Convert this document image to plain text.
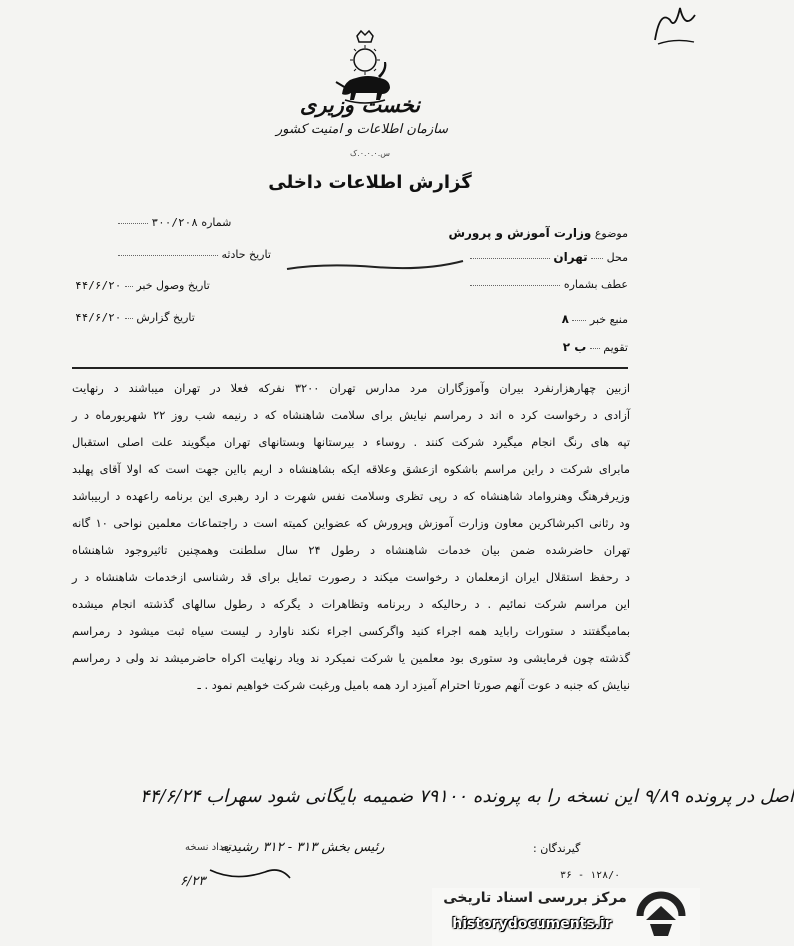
نخست وزیری
سازمان اطلاعات و امنیت کشور
س.۰.۰.۰.ک
گزارش اطلاعات داخلی
موضوع وزارت آموزش و پرورش
محل  تهران
عطف بشماره
منبع خبر  ۸
تقویم  ب ۲
شماره ۳۰۰/۲۰۸
تاریخ حادثه
تاریخ وصول خبر  ۴۴/۶/۲۰
تاریخ گزارش  ۴۴/۶/۲۰
ازبین چهارهزارنفرد بیران وآموزگاران مرد مدارس تهران ۳۲۰۰ نفرکه فعلا در تهران میباشند د رنهایت
آزادی د رخواست کرد ه اند د رمراسم نیایش برای سلامت شاهنشاه که د رنیمه شب روز ۲۲ شهریورماه د ر
تپه های رنگ انجام میگیرد شرکت کنند . روساء د بیرستانها وبستانهای تهران میگویند علت اصلی استقبال
مابرای شرکت د راین مراسم باشکوه ازعشق وعلاقه ایکه بشاهنشاه د اریم بااین جهت است که اولا آقای پهلبد
وزیرفرهنگ وهنرواماد شاهنشاه که د رپی تظری وسلامت نفس شهرت د ارد رهبری این برنامه راعهده د اربیباشد
ود رثانی اکبرشاکرین معاون وزارت آموزش وپرورش که عضواین کمیته است د راجتماعات معلمین نواحی ۱۰ گانه
تهران حاضرشده ضمن بیان خدمات شاهنشاه د رطول ۲۴ سال سلطنت وهمچنین تاثیروجود شاهنشاه
د رحفظ استقلال ایران ازمعلمان د رخواست میکند د رصورت تمایل برای قد رشناسی ازخدمات شاهنشاه د ر
این مراسم شرکت نمائیم . د رحالیکه د ربرنامه وتظاهرات د یگرکه د رطول سالهای گذشته انجام میشده
بماميگفتند د ستورات راباید همه اجراء کنید واگرکسی اجراء نکند ناوارد ر لیست سیاه ثبت میشود د رمراسم
گذشته چون فرمایشی ود ستوری بود معلمین یا شرکت نمیکرد ند ویاد رنهایت اکراه حاضرمیشد ند ولی د رمراسم
نیایش که جنبه د عوت آنهم صورتا احترام آمیزد ارد همه بامیل ورغبت شرکت خواهیم نمود . ـ
اصل در پرونده ۹/۸۹ این نسخه را به پرونده ۷۹۱۰۰ ضمیمه بایگانی شود سهراب ۴۴/۶/۲۴
گیرندگان :
رئیس بخش ۳۱۳ - ۳۱۲ رشیدیه
تعداد نسخه
۶/۲۳	۳۶ - ۱۲۸/۰
مرکز بررسی اسناد تاریخی
historydocuments.ir
